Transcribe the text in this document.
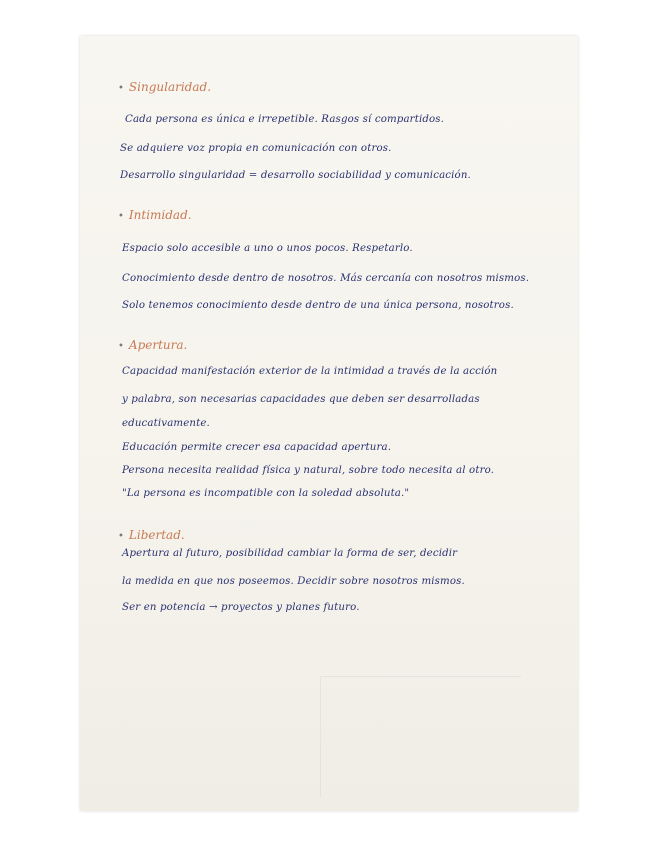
• Singularidad.
Cada persona es única e irrepetible. Rasgos sí compartidos.
Se adquiere voz propia en comunicación con otros.
Desarrollo singularidad = desarrollo sociabilidad y comunicación.
• Intimidad.
Espacio solo accesible a uno o unos pocos. Respetarlo.
Conocimiento desde dentro de nosotros. Más cercanía con nosotros mismos.
Solo tenemos conocimiento desde dentro de una única persona, nosotros.
• Apertura.
Capacidad manifestación exterior de la intimidad a través de la acción
y palabra, son necesarias capacidades que deben ser desarrolladas
educativamente.
Educación permite crecer esa capacidad apertura.
Persona necesita realidad física y natural, sobre todo necesita al otro.
"La persona es incompatible con la soledad absoluta."
• Libertad.
Apertura al futuro, posibilidad cambiar la forma de ser, decidir
la medida en que nos poseemos. Decidir sobre nosotros mismos.
Ser en potencia → proyectos y planes futuro.
